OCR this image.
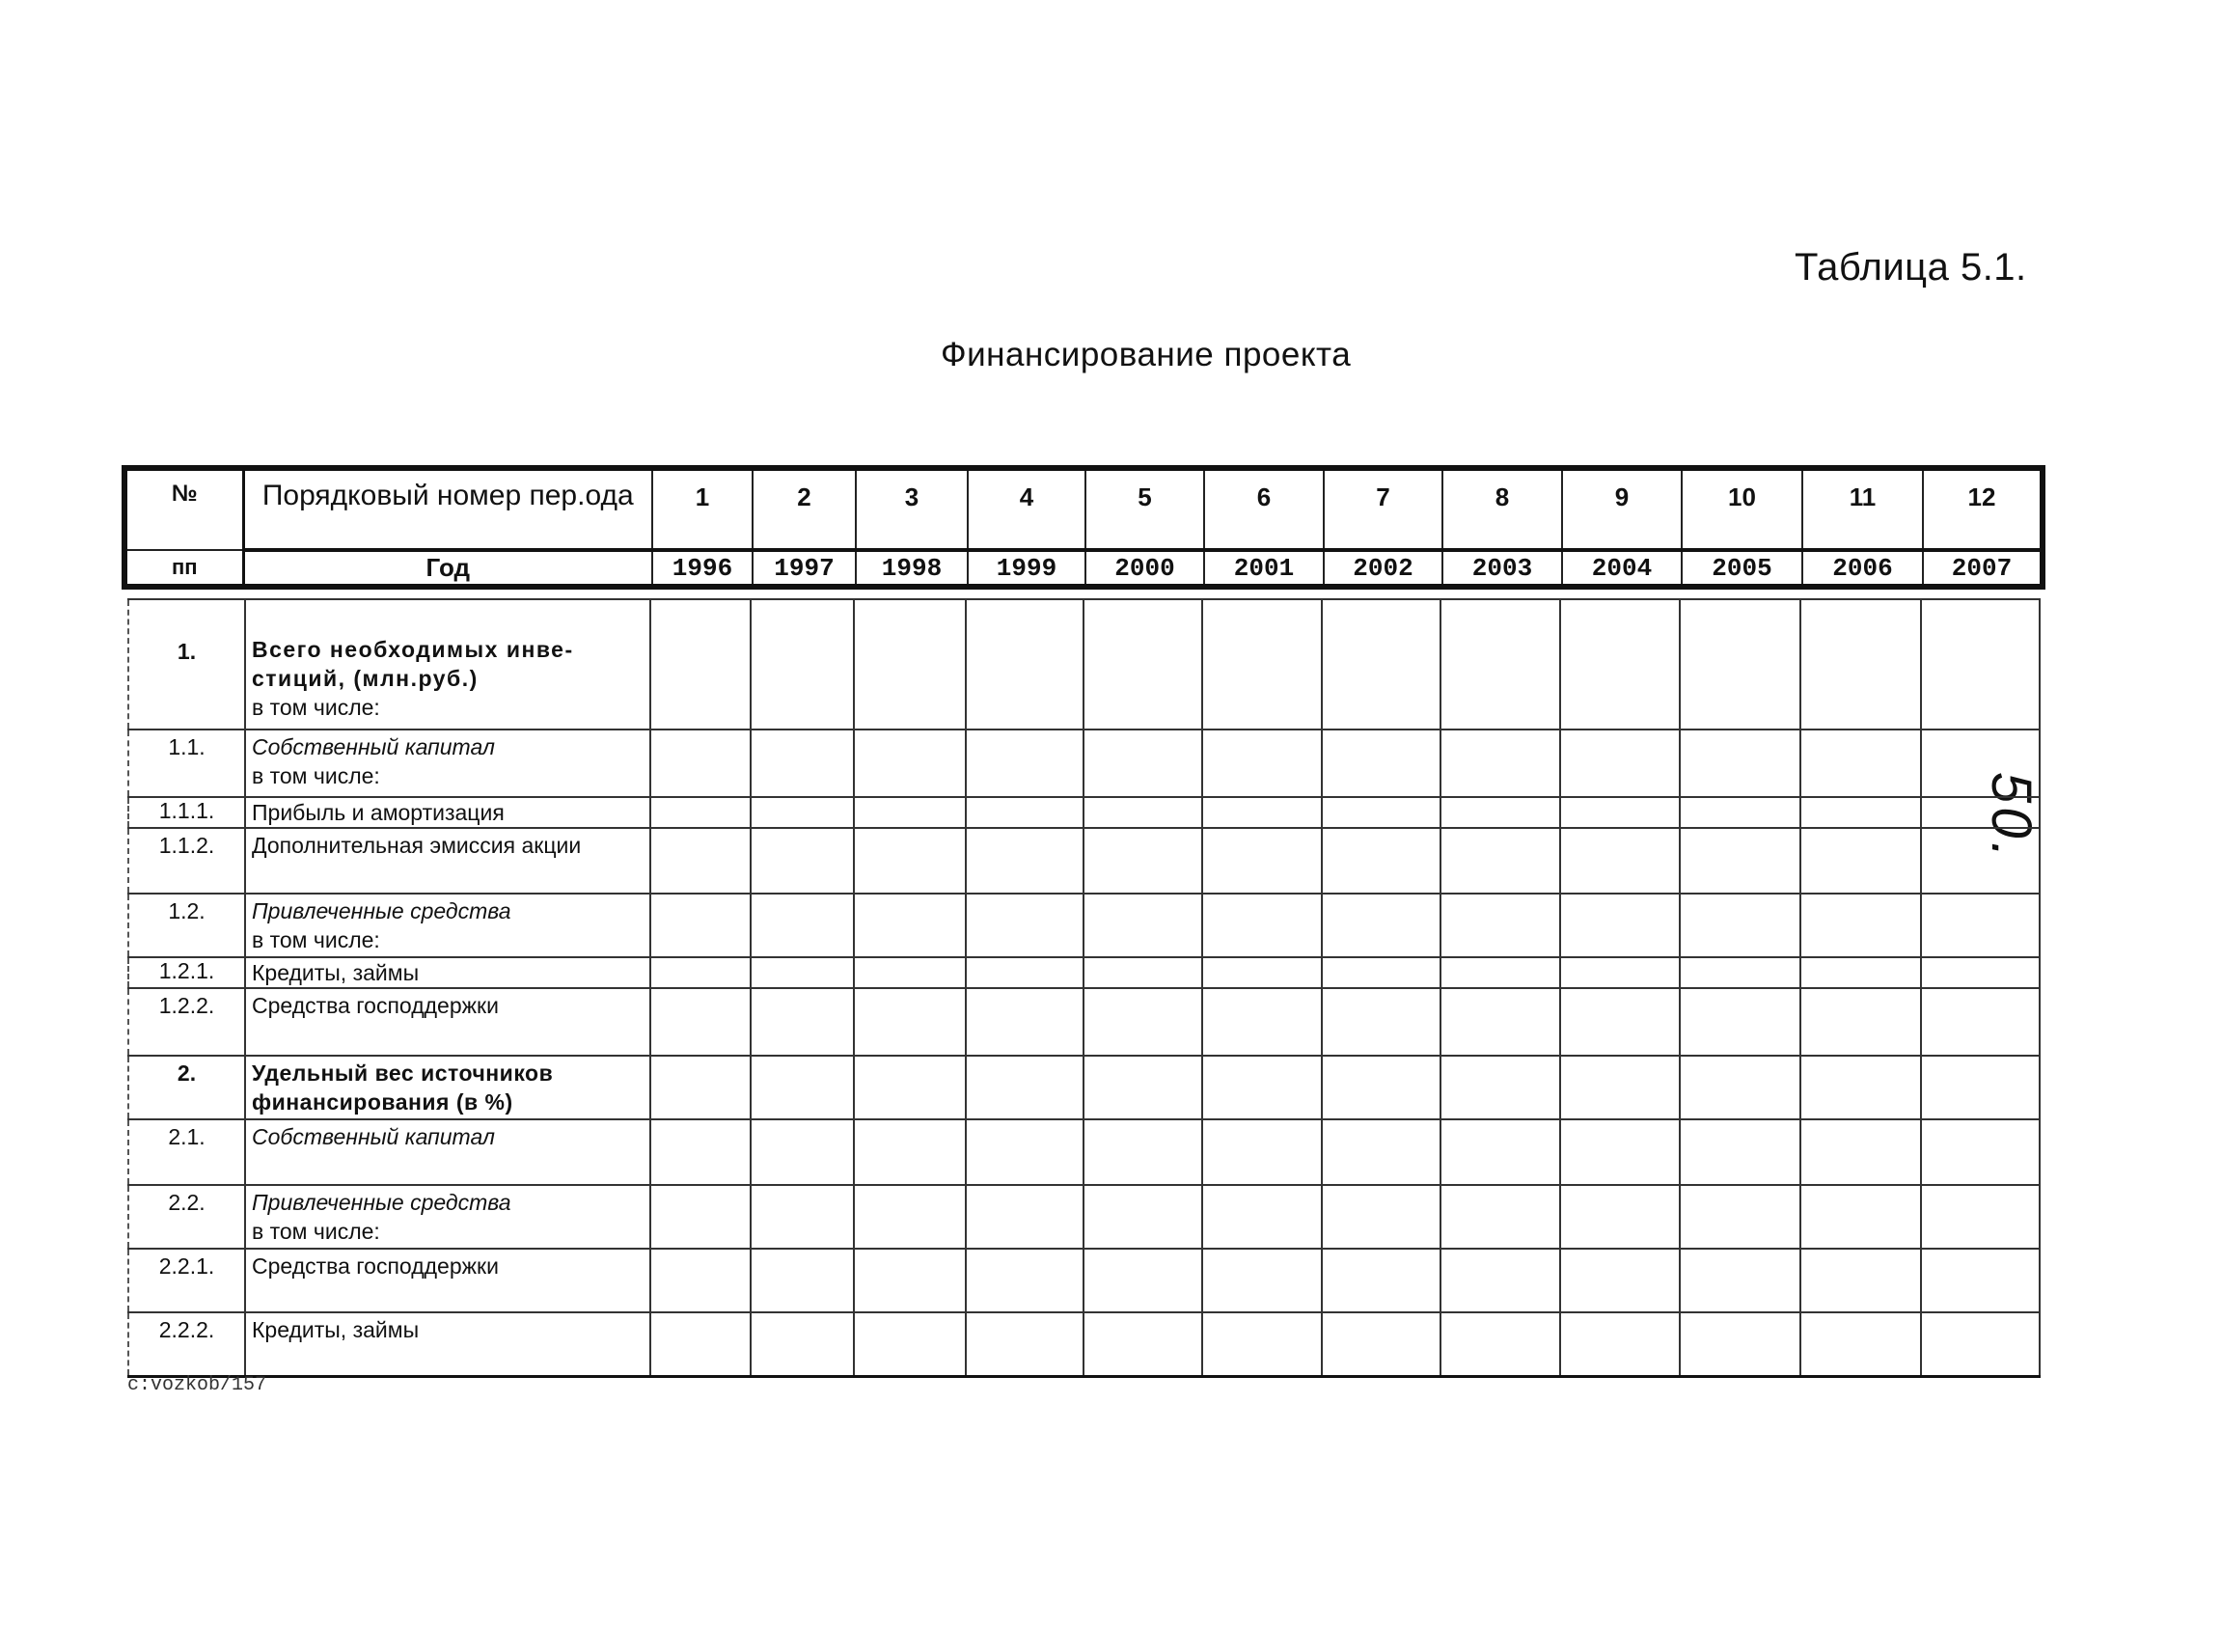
Таблица 5.1.
Финансирование проекта
50.
№	Порядковый номер пер.ода	1	2	3	4	5	6	7	8	9	10	11	12
пп	Год	1996	1997	1998	1999	2000	2001	2002	2003	2004	2005	2006	2007
1.	Всего необходимых инве-стиций, (млн.руб.)
в том числе:												

1.1.	Собственный капитал
в том числе:												

1.1.1.	Прибыль и амортизация												

1.1.2.	Дополнительная эмиссия акции												

1.2.	Привлеченные средства
в том числе:												

1.2.1.	Кредиты, займы												

1.2.2.	Средства господдержки												

2.	Удельный вес источников финансирования (в %)												

2.1.	Собственный капитал												

2.2.	Привлеченные средства
в том числе:												

2.2.1.	Средства господдержки												

2.2.2.	Кредиты, займы												

c:vozkob/157
